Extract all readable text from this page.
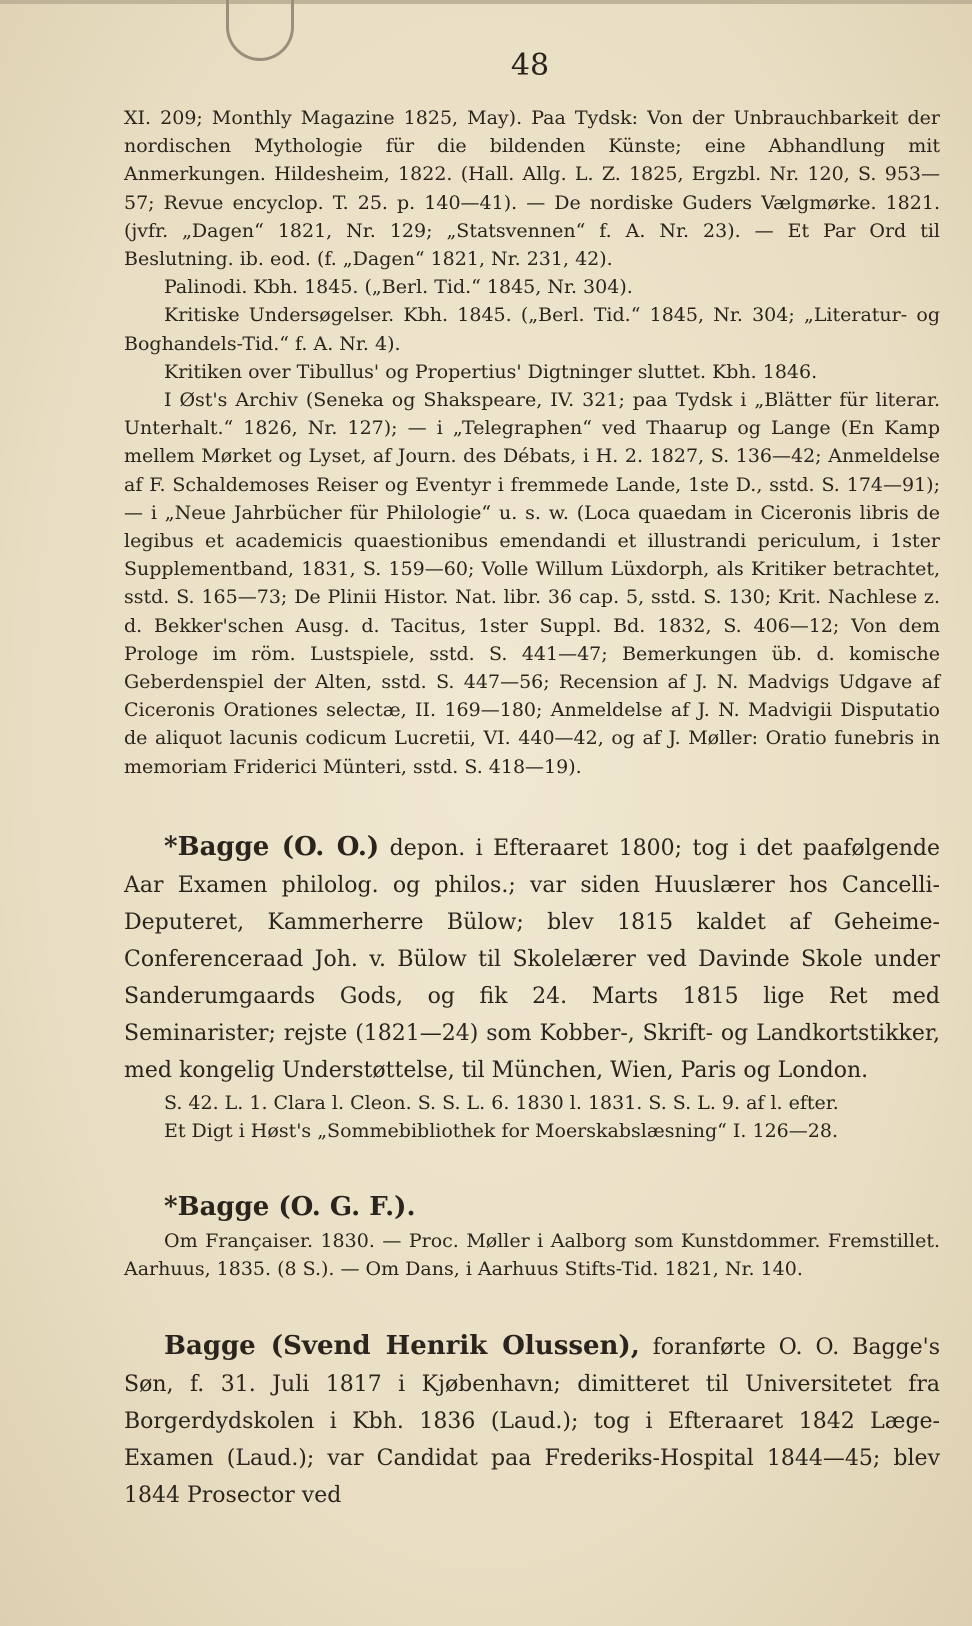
48

XI. 209; Monthly Magazine 1825, May). Paa Tydsk: Von der Unbrauchbarkeit der nordischen Mythologie für die bildenden Künste; eine Abhandlung mit Anmerkungen. Hildesheim, 1822. (Hall. Allg. L. Z. 1825, Ergzbl. Nr. 120, S. 953—57; Revue encyclop. T. 25. p. 140—41). — De nordiske Guders Vælgmørke. 1821. (jvfr. „Dagen“ 1821, Nr. 129; „Statsvennen“ f. A. Nr. 23). — Et Par Ord til Beslutning. ib. eod. (f. „Dagen“ 1821, Nr. 231, 42).

Palinodi. Kbh. 1845. („Berl. Tid.“ 1845, Nr. 304).

Kritiske Undersøgelser. Kbh. 1845. („Berl. Tid.“ 1845, Nr. 304; „Literatur- og Boghandels-Tid.“ f. A. Nr. 4).

Kritiken over Tibullus' og Propertius' Digtninger sluttet. Kbh. 1846.

I Øst's Archiv (Seneka og Shakspeare, IV. 321; paa Tydsk i „Blätter für literar. Unterhalt.“ 1826, Nr. 127); — i „Telegraphen“ ved Thaarup og Lange (En Kamp mellem Mørket og Lyset, af Journ. des Débats, i H. 2. 1827, S. 136—42; Anmeldelse af F. Schaldemoses Reiser og Eventyr i fremmede Lande, 1ste D., sstd. S. 174—91); — i „Neue Jahrbücher für Philologie“ u. s. w. (Loca quaedam in Ciceronis libris de legibus et academicis quaestionibus emendandi et illustrandi periculum, i 1ster Supplementband, 1831, S. 159—60; Volle Willum Lüxdorph, als Kritiker betrachtet, sstd. S. 165—73; De Plinii Histor. Nat. libr. 36 cap. 5, sstd. S. 130; Krit. Nachlese z. d. Bekker'schen Ausg. d. Tacitus, 1ster Suppl. Bd. 1832, S. 406—12; Von dem Prologe im röm. Lustspiele, sstd. S. 441—47; Bemerkungen üb. d. komische Geberdenspiel der Alten, sstd. S. 447—56; Recension af J. N. Madvigs Udgave af Ciceronis Orationes selectæ, II. 169—180; Anmeldelse af J. N. Madvigii Disputatio de aliquot lacunis codicum Lucretii, VI. 440—42, og af J. Møller: Oratio funebris in memoriam Friderici Münteri, sstd. S. 418—19).

*Bagge (O. O.) depon. i Efteraaret 1800; tog i det paafølgende Aar Examen philolog. og philos.; var siden Huuslærer hos Cancelli-Deputeret, Kammerherre Bülow; blev 1815 kaldet af Geheime-Conferenceraad Joh. v. Bülow til Skolelærer ved Davinde Skole under Sanderumgaards Gods, og fik 24. Marts 1815 lige Ret med Seminarister; rejste (1821—24) som Kobber-, Skrift- og Landkortstikker, med kongelig Understøttelse, til München, Wien, Paris og London.

S. 42. L. 1. Clara l. Cleon. S. S. L. 6. 1830 l. 1831. S. S. L. 9. af l. efter.

Et Digt i Høst's „Sommebibliothek for Moerskabslæsning“ I. 126—28.

*Bagge (O. G. F.).

Om Françaiser. 1830. — Proc. Møller i Aalborg som Kunstdommer. Fremstillet. Aarhuus, 1835. (8 S.). — Om Dans, i Aarhuus Stifts-Tid. 1821, Nr. 140.

Bagge (Svend Henrik Olussen), foranførte O. O. Bagge's Søn, f. 31. Juli 1817 i Kjøbenhavn; dimitteret til Universitetet fra Borgerdydskolen i Kbh. 1836 (Laud.); tog i Efteraaret 1842 Læge-Examen (Laud.); var Candidat paa Frederiks-Hospital 1844—45; blev 1844 Prosector ved
